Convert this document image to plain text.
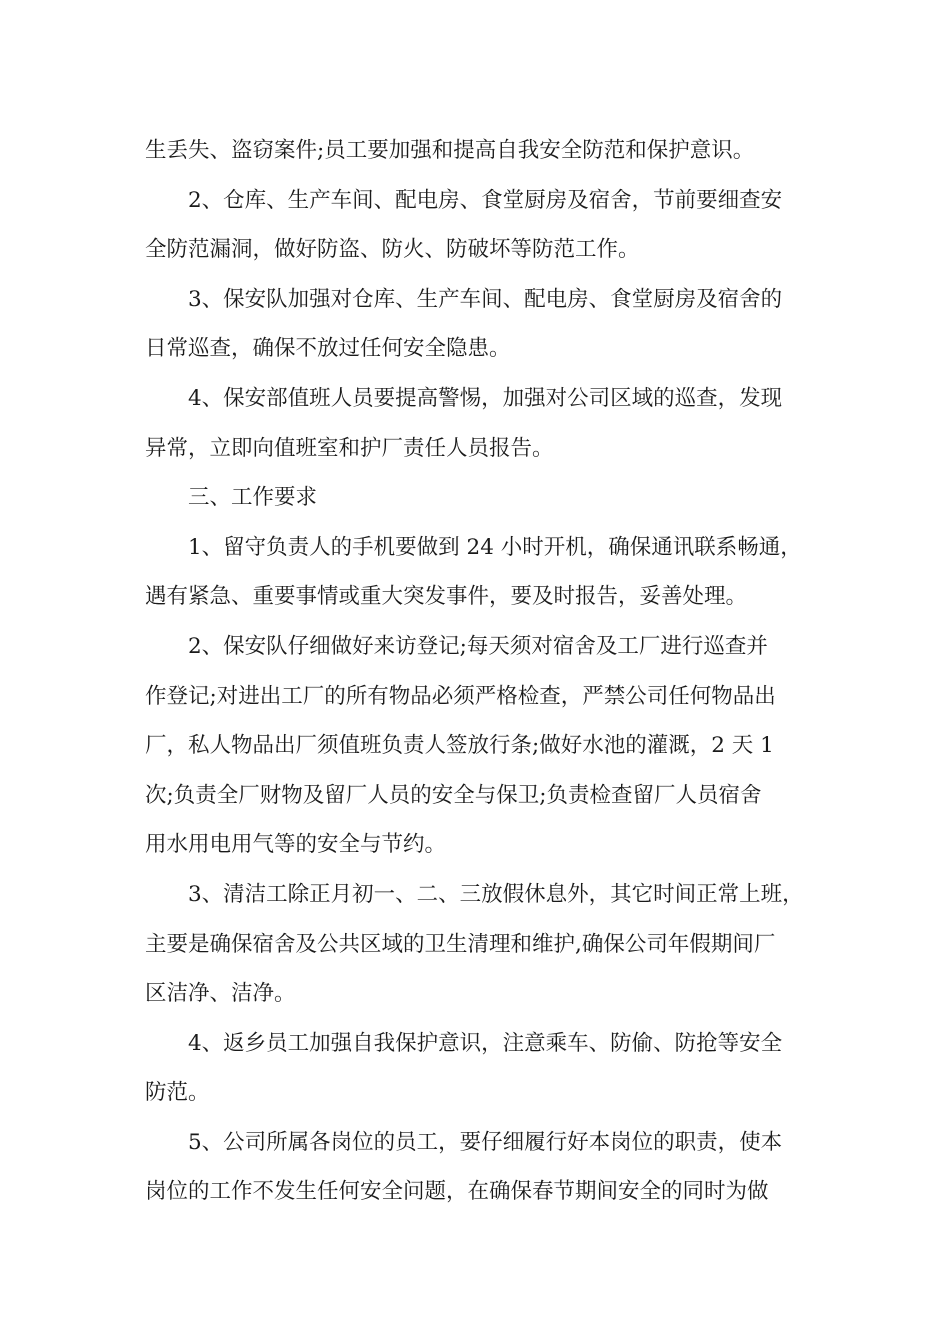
生丢失、盗窃案件;员工要加强和提高自我安全防范和保护意识。
2、仓库、生产车间、配电房、食堂厨房及宿舍，节前要细查安
全防范漏洞，做好防盗、防火、防破坏等防范工作。
3、保安队加强对仓库、生产车间、配电房、食堂厨房及宿舍的
日常巡查，确保不放过任何安全隐患。
4、保安部值班人员要提高警惕，加强对公司区域的巡查，发现
异常，立即向值班室和护厂责任人员报告。
三、工作要求
1、留守负责人的手机要做到 24 小时开机，确保通讯联系畅通，
遇有紧急、重要事情或重大突发事件，要及时报告，妥善处理。
2、保安队仔细做好来访登记;每天须对宿舍及工厂进行巡查并
作登记;对进出工厂的所有物品必须严格检查，严禁公司任何物品出
厂，私人物品出厂须值班负责人签放行条;做好水池的灌溉，2 天 1
次;负责全厂财物及留厂人员的安全与保卫;负责检查留厂人员宿舍
用水用电用气等的安全与节约。
3、清洁工除正月初一、二、三放假休息外，其它时间正常上班，
主要是确保宿舍及公共区域的卫生清理和维护,确保公司年假期间厂
区洁净、洁净。
4、返乡员工加强自我保护意识，注意乘车、防偷、防抢等安全
防范。
5、公司所属各岗位的员工，要仔细履行好本岗位的职责，使本
岗位的工作不发生任何安全问题，在确保春节期间安全的同时为做
